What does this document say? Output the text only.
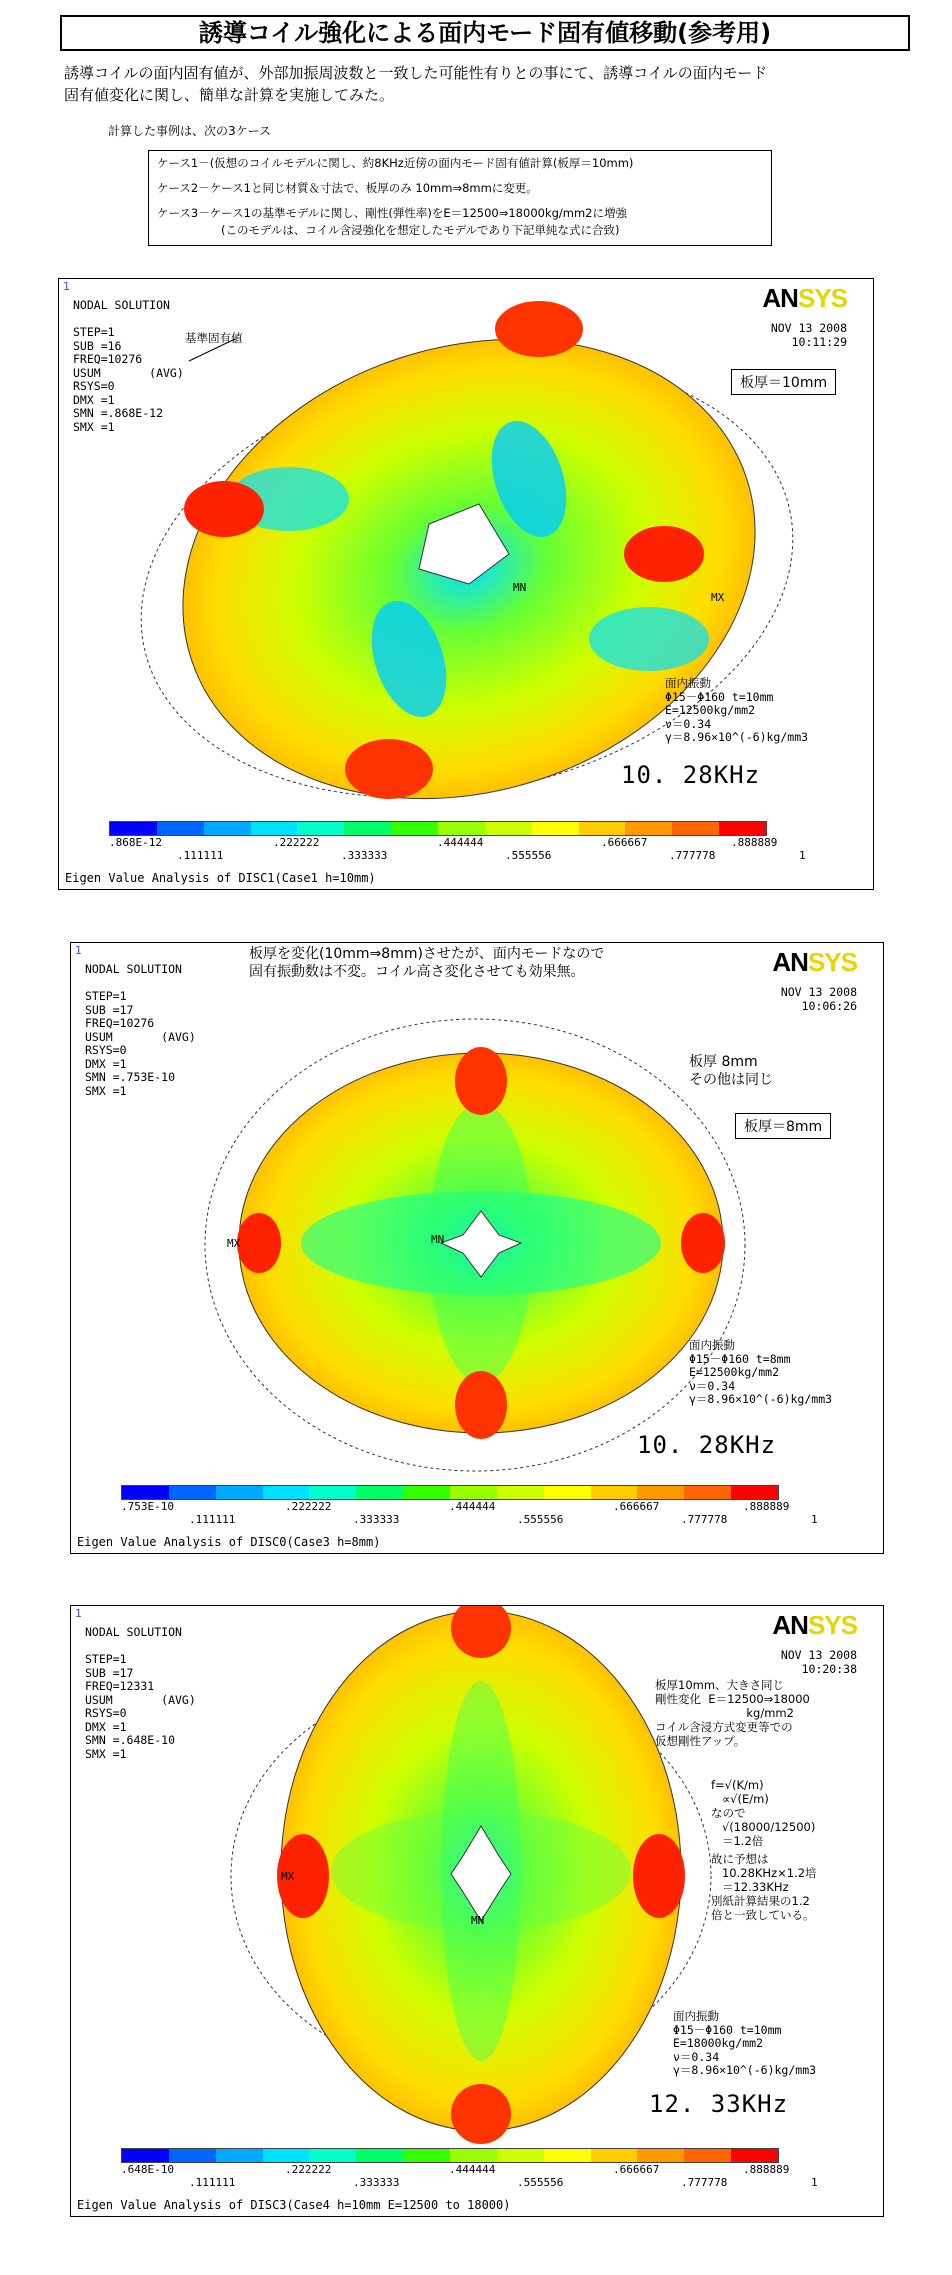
誘導コイル強化による面内モード固有値移動(参考用)
誘導コイルの面内固有値が、外部加振周波数と一致した可能性有りとの事にて、誘導コイルの面内モード
固有値変化に関し、簡単な計算を実施してみた。
計算した事例は、次の3ケース
ケース1－(仮想のコイルモデルに関し、約8KHz近傍の面内モード固有値計算(板厚＝10mm)
ケース2－ケース1と同じ材質＆寸法で、板厚のみ 10mm⇒8mmに変更。
ケース3－ケース1の基準モデルに関し、剛性(弾性率)をE＝12500⇒18000kg/mm2に増強
(このモデルは、コイル含浸強化を想定したモデルであり下記単純な式に合致)
MN
MX
1
NODAL SOLUTION

STEP=1
SUB =16
FREQ=10276
USUM       (AVG)
RSYS=0
DMX =1
SMN =.868E-12
SMX =1
基準固有値
ANSYS
NOV 13 2008
10:11:29
板厚＝10mm
面内振動
Φ15－Φ160 t=10mm
E=12500kg/mm2
ν＝0.34
γ＝8.96×10^(-6)kg/mm3
10. 28KHz
.868E-12	.222222	.444444	.666667	.888889
.111111	.333333	.555556	.777778	1
Eigen Value Analysis of DISC1(Case1 h=10mm)
MN
MX
1
NODAL SOLUTION

STEP=1
SUB =17
FREQ=10276
USUM       (AVG)
RSYS=0
DMX =1
SMN =.753E-10
SMX =1
板厚を変化(10mm⇒8mm)させたが、面内モードなので
固有振動数は不変。コイル高さ変化させても効果無。	ANSYS
NOV 13 2008
10:06:26
板厚 8mm
その他は同じ
板厚＝8mm
面内振動
Φ15－Φ160 t=8mm
E=12500kg/mm2
ν＝0.34
γ＝8.96×10^(-6)kg/mm3
10. 28KHz
.753E-10	.222222	.444444	.666667	.888889
.111111	.333333	.555556	.777778	1
Eigen Value Analysis of DISC0(Case3 h=8mm)
MN
MX
1
NODAL SOLUTION

STEP=1
SUB =17
FREQ=12331
USUM       (AVG)
RSYS=0
DMX =1
SMN =.648E-10
SMX =1
ANSYS
NOV 13 2008
10:20:38
板厚10mm、大きさ同じ
剛性変化  E＝12500⇒18000
kg/mm2
コイル含浸方式変更等での
仮想剛性アップ。
f=√(K/m)
∝√(E/m)
なので
√(18000/12500)
＝1.2倍
故に予想は
10.28KHz×1.2培
＝12.33KHz
別紙計算結果の1.2
倍と一致している。
面内振動
Φ15－Φ160 t=10mm
E=18000kg/mm2
ν＝0.34
γ＝8.96×10^(-6)kg/mm3
12. 33KHz
.648E-10	.222222	.444444	.666667	.888889
.111111	.333333	.555556	.777778	1
Eigen Value Analysis of DISC3(Case4 h=10mm E=12500 to 18000)
